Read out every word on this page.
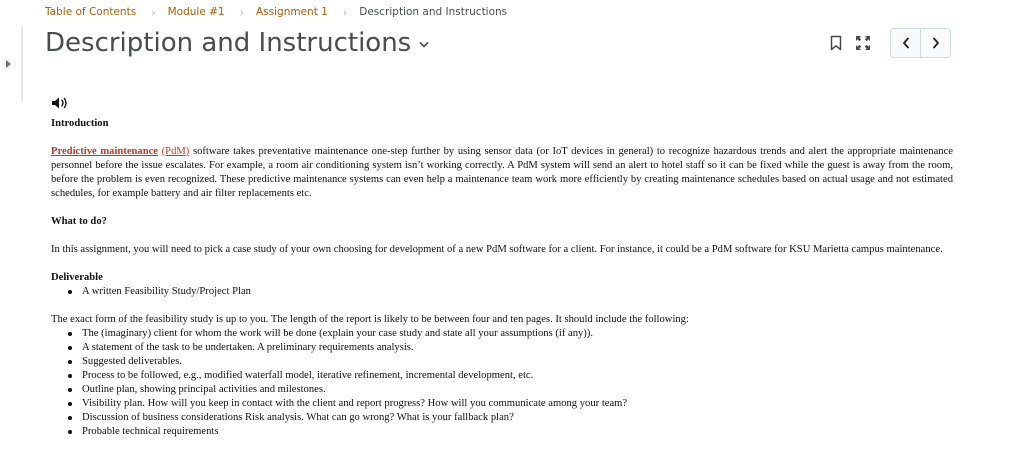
Table of Contents › Module #1 › Assignment 1 › Description and Instructions
Description and Instructions

Introduction

Predictive maintenance (PdM) software takes preventative maintenance one-step further by using sensor data (or IoT devices in general) to recognize hazardous trends and alert the appropriate maintenance personnel before the issue escalates. For example, a room air conditioning system isn’t working correctly. A PdM system will send an alert to hotel staff so it can be fixed while the guest is away from the room, before the problem is even recognized. These predictive maintenance systems can even help a maintenance team work more efficiently by creating maintenance schedules based on actual usage and not estimated schedules, for example battery and air filter replacements etc.

What to do?

In this assignment, you will need to pick a case study of your own choosing for development of a new PdM software for a client. For instance, it could be a PdM software for KSU Marietta campus maintenance.

Deliverable

A written Feasibility Study/Project Plan

The exact form of the feasibility study is up to you. The length of the report is likely to be between four and ten pages. It should include the following:

The (imaginary) client for whom the work will be done (explain your case study and state all your assumptions (if any)).
A statement of the task to be undertaken. A preliminary requirements analysis.
Suggested deliverables.
Process to be followed, e.g., modified waterfall model, iterative refinement, incremental development, etc.
Outline plan, showing principal activities and milestones.
Visibility plan. How will you keep in contact with the client and report progress? How will you communicate among your team?
Discussion of business considerations Risk analysis. What can go wrong? What is your fallback plan?
Probable technical requirements
